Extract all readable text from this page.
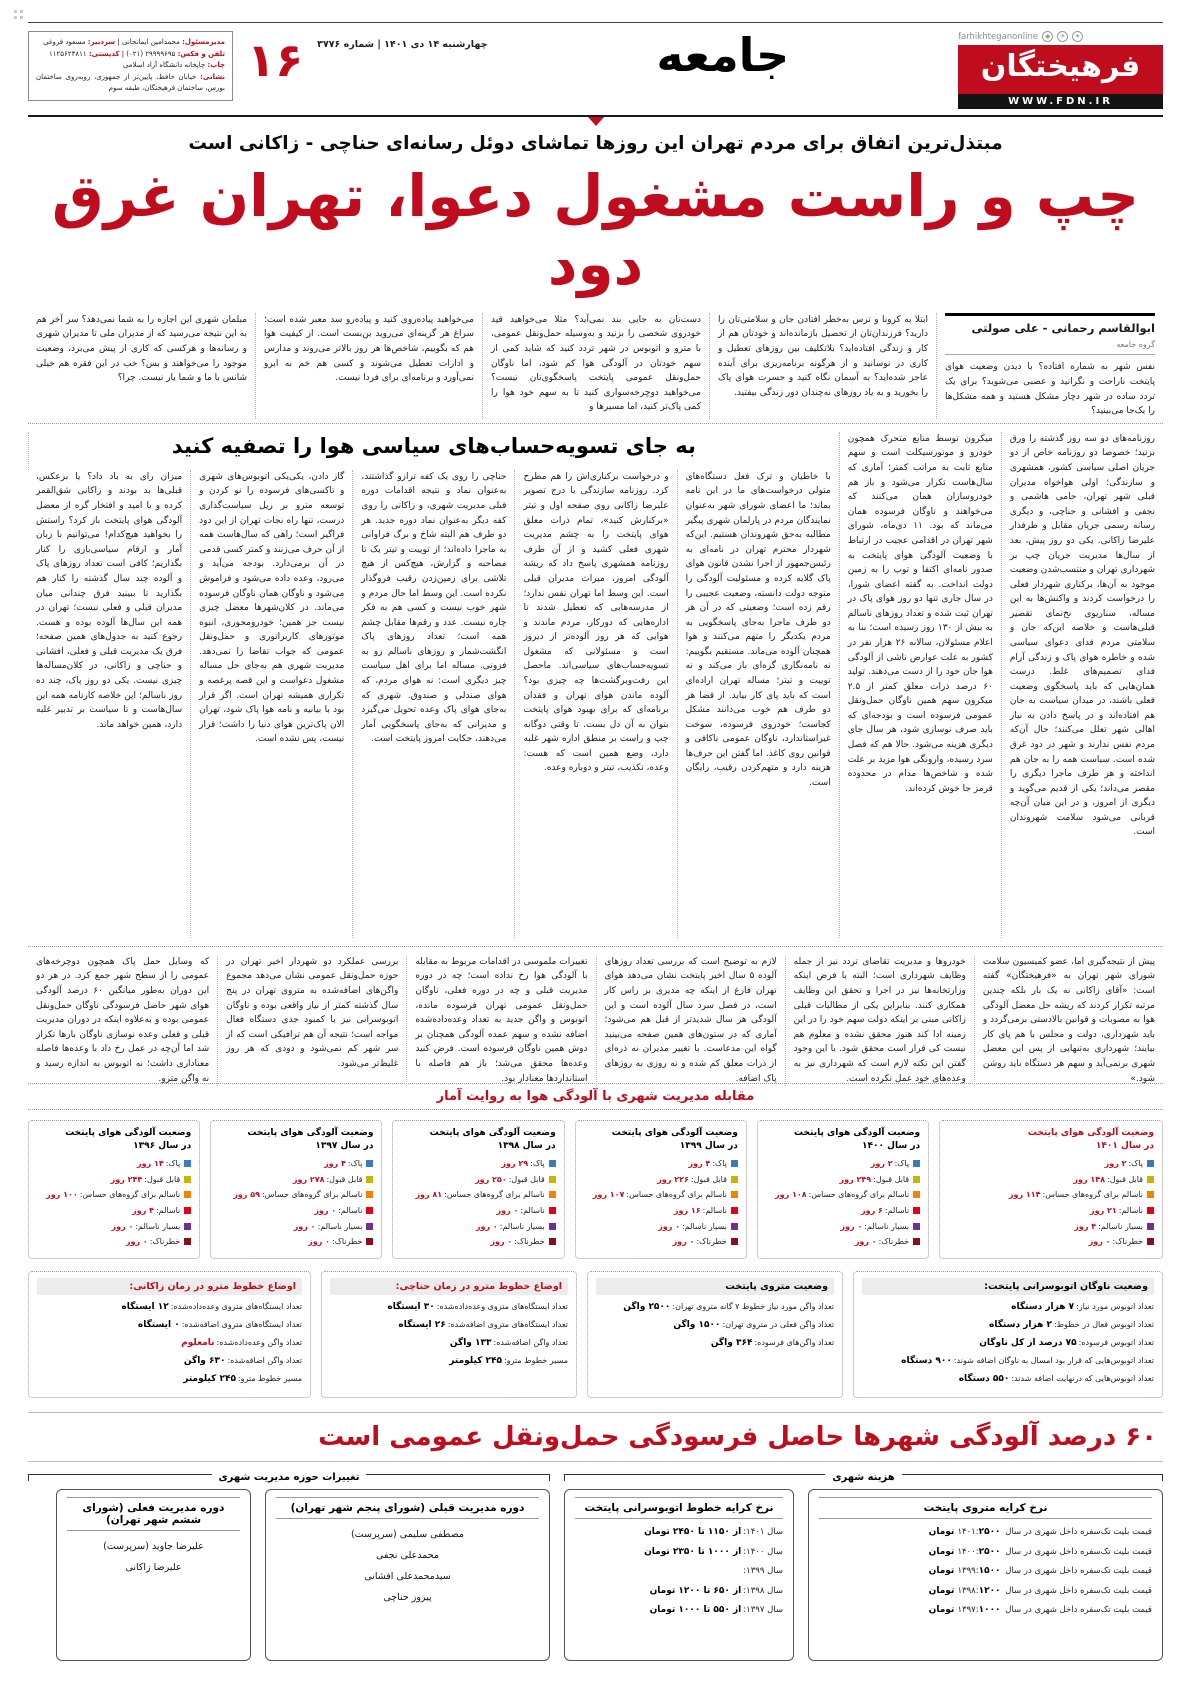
مدیرمسئول: محمدامین ایمانجانی | سردبیر: مسعود فروغی
تلفن و فکس: ۲۹۹۹۹۶۹۵ (۰۲۱) | کدپستی: ۱۱۲۵۶۲۳۸۱۱
چاپ: چاپخانه دانشگاه آزاد اسلامی
نشانی: خیابان حافظ، پایین‌تر از جمهوری، روبه‌روی ساختمان بورس، ساختمان فرهیختگان، طبقه سوم
۱۶ چهارشنبه ۱۴ دی ۱۴۰۱ | شماره ۳۷۷۶	جامعه	farhikhteganonline	◉	✈	✦
فرهیختگان
WWW.FDN.IR
مبتذل‌ترین اتفاق برای مردم تهران این روزها تماشای دوئل رسانه‌ای حناچی - زاکانی است
چپ و راست مشغول دعوا، تهران غرق دود
ابوالقاسم رحمانی - علی صولتی
گروه جامعه
نفس شهر به شماره افتاده؟ با دیدن وضعیت هوای پایتخت ناراحت و نگرانید و عصبی می‌شوید؟ برای یک تردد ساده در شهر دچار مشکل هستید و همه مشکل‌ها را یک‌جا می‌بینید؟
ابتلا به کرونا و ترس به‌خطر افتادن جان و سلامتی‌تان را دارید؟ فرزندان‌تان از تحصیل بازمانده‌اند و خودتان هم از کار و زندگی افتاده‌اید؟ بلاتکلیف بین روزهای تعطیل و کاری در نوسانید و از هرگونه برنامه‌ریزی برای آینده عاجز شده‌اید؟ به آسمان نگاه کنید و حسرت هوای پاک را بخورید و به یاد روزهای نه‌چندان دور زندگی بیفتید.
دست‌تان به جایی بند نمی‌آ‌ید؟ مثلا می‌خواهید قید خودروی شخصی را بزنید و به‌وسیله حمل‌ونقل عمومی، با مترو و اتوبوس در شهر تردد کنید که شاید کمی از سهم خودتان در آلودگی هوا کم شود، اما ناوگان حمل‌ونقل عمومی پایتخت پاسخگوی‌تان نیست؟ می‌خواهید دوچرخه‌سواری کنید تا به سهم خود هوا را کمی پاک‌تر کنید، اما مسیرها و
می‌خواهید پیاده‌روی کنید و پیاده‌رو سد معبر شده است؛ سراغ هر گزینه‌ای می‌روید بن‌بست است. از کیفیت هوا هم که بگوییم، شاخص‌ها هر روز بالاتر می‌روند و مدارس و ادارات تعطیل می‌شوند و کسی هم خم به ابرو نمی‌آورد و برنامه‌ای برای فردا نیست.
مبلمان شهری این اجازه را به شما نمی‌دهد؟ سر آخر هم به این نتیجه می‌رسید که از مدیران ملی تا مدیران شهری و رسانه‌ها و هرکسی که کاری از پیش می‌برد، وضعیت موجود را می‌خواهند و بس؟ خب در این فقره هم خیلی شانس با ما و شما یار نیست. چرا؟
روزنامه‌های دو سه روز گذشته را ورق بزنید؛ خصوصا دو روزنامه خاص از دو جریان اصلی سیاسی کشور، همشهری و سازندگی؛ اولی هواخواه مدیران قبلی شهر تهران، حامی هاشمی و نجفی و افشانی و حناچی، و دیگری رسانه رسمی جریان مقابل و طرفدار علیرضا زاکانی. یکی دو روز پیش، بعد از سال‌ها مدیریت جریان چپ بر شهرداری تهران و منتسب‌شدن وضعیت موجود به آن‌ها، برکناری شهردار فعلی را درخواست کردند و واکنش‌ها به این مساله، سناریوی نخ‌نمای تقصیر قبلی‌هاست و خلاصه این‌که جان و سلامتی مردم فدای دعوای سیاسی شده و خاطره هوای پاک و زندگی آرام فدای تصمیم‌های غلط. درست همان‌هایی که باید پاسخگوی وضعیت فعلی باشند، در میدان سیاست به جان هم افتاده‌اند و در پاسخ دادن به نیاز اهالی شهر تعلل می‌کنند؛ حال آن‌که مردم نفس ندارند و شهر در دود غرق شده است. سیاست همه را به جان هم انداخته و هر طرف ماجرا دیگری را مقصر می‌داند؛ یکی از قدیم می‌گوید و دیگری از امروز، و در این میان آن‌چه قربانی می‌شود سلامت شهروندان است.
میکرون توسط منابع متحرک همچون خودرو و موتورسیکلت است و سهم منابع ثابت به مراتب کمتر؛ آماری که سال‌هاست تکرار می‌شود و باز هم خودروسازان همان می‌کنند که می‌خواهند و ناوگان فرسوده همان می‌ماند که بود. ۱۱ دی‌ماه، شورای شهر تهران در اقدامی عجیب در ارتباط با وضعیت آلودگی هوای پایتخت به صدور نامه‌ای اکتفا و توپ را به زمین دولت انداخت. به گفته اعضای شورا، در سال جاری تنها دو روز هوای پاک در تهران ثبت شده و تعداد روزهای ناسالم به بیش از ۱۳۰ روز رسیده است؛ بنا به اعلام مسئولان، سالانه ۲۶ هزار نفر در کشور به علت عوارض ناشی از آلودگی هوا جان خود را از دست می‌دهند. تولید ۶۰ درصد ذرات معلق کمتر از ۲.۵ میکرون سهم همین ناوگان حمل‌ونقل عمومی فرسوده است و بودجه‌ای که باید صرف نوسازی شود، هر سال جای دیگری هزینه می‌شود. حالا هم که فصل سرد رسیده، وارونگی هوا مزید بر علت شده و شاخص‌ها مدام در محدوده قرمز جا خوش کرده‌اند.
به جای تسویه‌حساب‌های سیاسی هوا را تصفیه کنید
با خاطیان و ترک فعل دستگاه‌های متولی درخواست‌های ما در این نامه بماند؛ ما اعضای شورای شهر به‌عنوان نمایندگان مردم در پارلمان شهری پیگیر مطالبه به‌حق شهروندان هستیم. این‌که شهردار محترم تهران در نامه‌ای به رئیس‌جمهور از اجرا نشدن قانون هوای پاک گلایه کرده و مسئولیت آلودگی را متوجه دولت دانسته، وضعیت عجیبی را رقم زده است؛ وضعیتی که در آن هر دو طرف ماجرا به‌جای پاسخگویی به مردم یکدیگر را متهم می‌کنند و هوا همچنان آلوده می‌ماند. مستقیم بگوییم: نه نامه‌نگاری گره‌ای باز می‌کند و نه توییت و تیتر؛ مساله تهران اراده‌ای است که باید پای کار بیاید. از قضا هر دو طرف هم خوب می‌دانند مشکل کجاست؛ خودروی فرسوده، سوخت غیراستاندارد، ناوگان عمومی ناکافی و قوانین روی کاغذ. اما گفتن این حرف‌ها هزینه دارد و متهم‌کردن رقیب، رایگان است.
و درخواست برکناری‌اش را هم مطرح کرد. روزنامه سازندگی با درج تصویر علیرضا زاکانی روی صفحه اول و تیتر «برکنارش کنید»، تمام ذرات معلق هوای پایتخت را به چشم مدیریت شهری فعلی کشید و از آن طرف روزنامه همشهری پاسخ داد که ریشه آلودگی امروز، میراث مدیران قبلی است. این وسط اما تهران نفس ندارد؛ از مدرسه‌هایی که تعطیل شدند تا اداره‌هایی که دورکار، مردم ماندند و هوایی که هر روز آلوده‌تر از دیروز است و مسئولانی که مشغول تسویه‌حساب‌های سیاسی‌اند. ماحصل این رفت‌وبرگشت‌ها چه چیزی بود؟ آلوده ماندن هوای تهران و فقدان برنامه‌ای که برای بهبود هوای پایتخت بتوان به آن دل بست. تا وقتی دوگانه چپ و راست بر منطق اداره شهر غلبه دارد، وضع همین است که هست: وعده، تکذیب، تیتر و دوباره وعده.
حناچی را روی یک کفه ترازو گذاشتند، به‌عنوان نماد و نتیجه اقدامات دوره قبلی مدیریت شهری، و زاکانی را روی کفه دیگر به‌عنوان نماد دوره جدید. هر دو طرف هم البته شاخ و برگ فراوانی به ماجرا داده‌اند؛ از توییت و تیتر یک تا مصاحبه و گزارش، هیچ‌کس از هیچ تلاشی برای زمین‌زدن رقیب فروگذار نکرده است. این وسط اما حال مردم و شهر خوب نیست و کسی هم به فکر چاره نیست. عدد و رقم‌ها مقابل چشم همه است؛ تعداد روزهای پاک انگشت‌شمار و روزهای ناسالم رو به فزونی. مساله اما برای اهل سیاست چیز دیگری است: نه هوای مردم، که هوای صندلی و صندوق. شهری که به‌جای هوای پاک وعده تحویل می‌گیرد و مدیرانی که به‌جای پاسخگویی آمار می‌دهند، حکایت امروز پایتخت است.
گاز دادن، یکی‌یکی اتوبوس‌های شهری و تاکسی‌های فرسوده را نو کردن و توسعه مترو بر ریل سیاست‌گذاری درست، تنها راه نجات تهران از این دود فراگیر است؛ راهی که سال‌هاست همه از آن حرف می‌زنند و کمتر کسی قدمی در آن برمی‌دارد. بودجه می‌آید و می‌رود، وعده داده می‌شود و فراموش می‌شود و ناوگان همان ناوگان فرسوده می‌ماند. در کلان‌شهرها معضل چیزی نیست جز همین؛ خودرومحوری، انبوه موتورهای کاربراتوری و حمل‌ونقل عمومی که جواب تقاضا را نمی‌دهد. مدیریت شهری هم به‌جای حل مساله مشغول دعواست و این قصه پرغصه و تکراری همیشه تهران است. اگر قرار بود با بیانیه و نامه هوا پاک شود، تهران الان پاک‌ترین هوای دنیا را داشت؛ قرار نیست، پس نشده است.
میزان رای به باد داد؟ یا برعکس، قبلی‌ها بد بودند و زاکانی شق‌القمر کرده و با امید و افتخار گره از معضل آلودگی هوای پایتخت باز کرد؟ راستش را بخواهید هیچ‌کدام! می‌توانیم با زبان آمار و ارقام سیاسی‌بازی را کنار بگذاریم؛ کافی است تعداد روزهای پاک و آلوده چند سال گذشته را کنار هم بگذارید تا ببینید فرق چندانی میان مدیران قبلی و فعلی نیست؛ تهران در همه این سال‌ها آلوده بوده و هست. رجوع کنید به جدول‌های همین صفحه؛ فرق یک مدیریت قبلی و فعلی، افشانی و حناچی و زاکانی، در کلان‌مساله‌ها چیزی نیست. یکی دو روز پاک، چند ده روز ناسالم؛ این خلاصه کارنامه همه این سال‌هاست و تا سیاست بر تدبیر غلبه دارد، همین خواهد ماند.
پیش از نتیجه‌گیری اما، عضو کمیسیون سلامت شورای شهر تهران به «فرهیختگان» گفته است: «آقای زاکانی نه یک بار بلکه چندین مرتبه تکرار کردند که ریشه حل معضل آلودگی هوا به مصوبات و قوانین بالادستی برمی‌گردد و باید شهرداری، دولت و مجلس با هم پای کار بیایند؛ شهرداری به‌تنهایی از پس این معضل شهری برنمی‌آید و سهم هر دستگاه باید روشن شود.»
خودروها و مدیریت تقاضای تردد نیز از جمله وظایف شهرداری است؛ البته با فرض اینکه وزارتخانه‌ها نیز در اجرا و تحقق این وظایف همکاری کنند. بنابراین یکی از مطالبات قبلی زاکانی مبنی بر اینکه دولت سهم خود را در این زمینه ادا کند هنوز محقق نشده و معلوم هم نیست کی قرار است محقق شود. با این وجود گفتن این نکته لازم است که شهرداری نیز به وعده‌های خود عمل نکرده است.
لازم به توضیح است که بررسی تعداد روزهای آلوده ۵ سال اخیر پایتخت نشان می‌دهد هوای تهران فارغ از اینکه چه مدیری بر راس کار است، در فصل سرد سال آلوده است و این آلودگی هر سال شدیدتر از قبل هم می‌شود؛ آماری که در ستون‌های همین صفحه می‌بینید گواه این مدعاست. با تغییر مدیران نه ذره‌ای از ذرات معلق کم شده و نه روزی به روزهای پاک اضافه.
تغییرات ملموسی در اقدامات مربوط به مقابله با آلودگی هوا رخ نداده است؛ چه در دوره مدیریت قبلی و چه در دوره فعلی، ناوگان حمل‌ونقل عمومی تهران فرسوده مانده، اتوبوس و واگن جدید به تعداد وعده‌داده‌شده اضافه نشده و سهم عمده آلودگی همچنان بر دوش همین ناوگان فرسوده است. فرض کنید وعده‌ها محقق می‌شد؛ باز هم فاصله با استانداردها معنادار بود.
بررسی عملکرد دو شهردار اخیر تهران در حوزه حمل‌ونقل عمومی نشان می‌دهد مجموع واگن‌های اضافه‌شده به متروی تهران در پنج سال گذشته کمتر از نیاز واقعی بوده و ناوگان اتوبوسرانی نیز با کمبود جدی دستگاه فعال مواجه است؛ نتیجه آن هم ترافیکی است که از سر شهر کم نمی‌شود و دودی که هر روز غلیظ‌تر می‌شود.
که وسایل حمل پاک همچون دوچرخه‌های عمومی را از سطح شهر جمع کرد. در هر دو این دوران به‌طور میانگین ۶۰ درصد آلودگی هوای شهر حاصل فرسودگی ناوگان حمل‌ونقل عمومی بوده و به‌علاوه اینکه در دوران مدیریت قبلی و فعلی وعده نوسازی ناوگان بارها تکرار شد اما آن‌چه در عمل رخ داد با وعده‌ها فاصله معناداری داشت؛ نه اتوبوس به اندازه رسید و نه واگن مترو.
مقابله مدیریت شهری با آلودگی هوا به روایت آمار
وضعیت آلودگی هوای پایتخت
در سال ۱۴۰۱
پاک:۲ روز
قابل قبول:۱۴۸ روز
ناسالم برای گروه‌های حساس:۱۱۴ روز
ناسالم:۲۱ روز
بسیار ناسالم:۴ روز
خطرناک:۰ روز
وضعیت آلودگی هوای پایتخت
در سال ۱۴۰۰
پاک:۲ روز
قابل قبول:۲۴۹ روز
ناسالم برای گروه‌های حساس:۱۰۸ روز
ناسالم:۶ روز
بسیار ناسالم:۰ روز
خطرناک:۰ روز
وضعیت آلودگی هوای پایتخت
در سال ۱۳۹۹
پاک:۴ روز
قابل قبول:۲۲۶ روز
ناسالم برای گروه‌های حساس:۱۰۷ روز
ناسالم:۱۶ روز
بسیار ناسالم:۰ روز
خطرناک:۰ روز
وضعیت آلودگی هوای پایتخت
در سال ۱۳۹۸
پاک:۲۹ روز
قابل قبول:۲۵۰ روز
ناسالم برای گروه‌های حساس:۸۱ روز
ناسالم:۰ روز
بسیار ناسالم:۰ روز
خطرناک:۰ روز
وضعیت آلودگی هوای پایتخت
در سال ۱۳۹۷
پاک:۴ روز
قابل قبول:۲۷۸ روز
ناسالم برای گروه‌های حساس:۵۹ روز
ناسالم:۰ روز
بسیار ناسالم:۰ روز
خطرناک:۰ روز
وضعیت آلودگی هوای پایتخت
در سال ۱۳۹۶
پاک:۱۴ روز
قابل قبول:۲۴۴ روز
ناسالم برای گروه‌های حساس:۱۰۰ روز
ناسالم:۴ روز
بسیار ناسالم:۰ روز
خطرناک:۰ روز
وضعیت ناوگان اتوبوسرانی پایتخت:
تعداد اتوبوس مورد نیاز:۷ هزار دستگاه
تعداد اتوبوس فعال در خطوط:۲ هزار دستگاه
تعداد اتوبوس فرسوده:۷۵ درصد از کل ناوگان
تعداد اتوبوس‌هایی که قرار بود امسال به ناوگان اضافه شوند:۹۰۰ دستگاه
تعداد اتوبوس‌هایی که درنهایت اضافه شدند:۵۵۰ دستگاه
وضعیت متروی پایتخت
تعداد واگن مورد نیاز خطوط ۷ گانه متروی تهران:۲۵۰۰ واگن
تعداد واگن فعلی در متروی تهران:۱۵۰۰ واگن
تعداد واگن‌های فرسوده:۳۶۴ واگن
اوضاع خطوط مترو در زمان حناچی:
تعداد ایستگاه‌های متروی وعده‌داده‌شده:۳۰ ایستگاه
تعداد ایستگاه‌های متروی اضافه‌شده:۲۶ ایستگاه
تعداد واگن اضافه‌شده:۱۳۳ واگن
مسیر خطوط مترو:۲۴۵ کیلومتر
اوضاع خطوط مترو در زمان زاکانی:
تعداد ایستگاه‌های متروی وعده‌داده‌شده:۱۲ ایستگاه
تعداد ایستگاه‌های متروی اضافه‌شده:۰ ایستگاه
تعداد واگن وعده‌داده‌شده:نامعلوم
تعداد واگن اضافه‌شده:۶۳۰ واگن
مسیر خطوط مترو:۲۴۵ کیلومتر
۶۰ درصد آلودگی شهرها حاصل فرسودگی حمل‌ونقل عمومی است
هزینه شهری
تغییرات حوزه مدیریت شهری
نرخ کرایه متروی پایتخت
قیمت بلیت تک‌سفره داخل شهری در سال ۱۴۰۱:۲۵۰۰ تومان
قیمت بلیت تک‌سفره داخل شهری در سال ۱۴۰۰:۲۵۰۰ تومان
قیمت بلیت تک‌سفره داخل شهری در سال ۱۳۹۹:۱۵۰۰ تومان
قیمت بلیت تک‌سفره داخل شهری در سال ۱۳۹۸:۱۲۰۰ تومان
قیمت بلیت تک‌سفره داخل شهری در سال ۱۳۹۷:۱۰۰۰ تومان
نرخ کرایه خطوط اتوبوسرانی پایتخت
سال ۱۴۰۱:از ۱۱۵۰ تا ۲۴۵۰ تومان
سال ۱۴۰۰:از ۱۰۰۰ تا ۲۳۵۰ تومان
سال ۱۳۹۹:
سال ۱۳۹۸:از ۶۵۰ تا ۱۲۰۰ تومان
سال ۱۳۹۷:از ۵۵۰ تا ۱۰۰۰ تومان
دوره مدیریت قبلی (شورای پنجم شهر تهران)
مصطفی سلیمی (سرپرست)
محمدعلی نجفی
سیدمحمدعلی افشانی
پیروز حناچی
دوره مدیریت فعلی (شورای ششم شهر تهران)
علیرضا جاوید (سرپرست)
علیرضا زاکانی
